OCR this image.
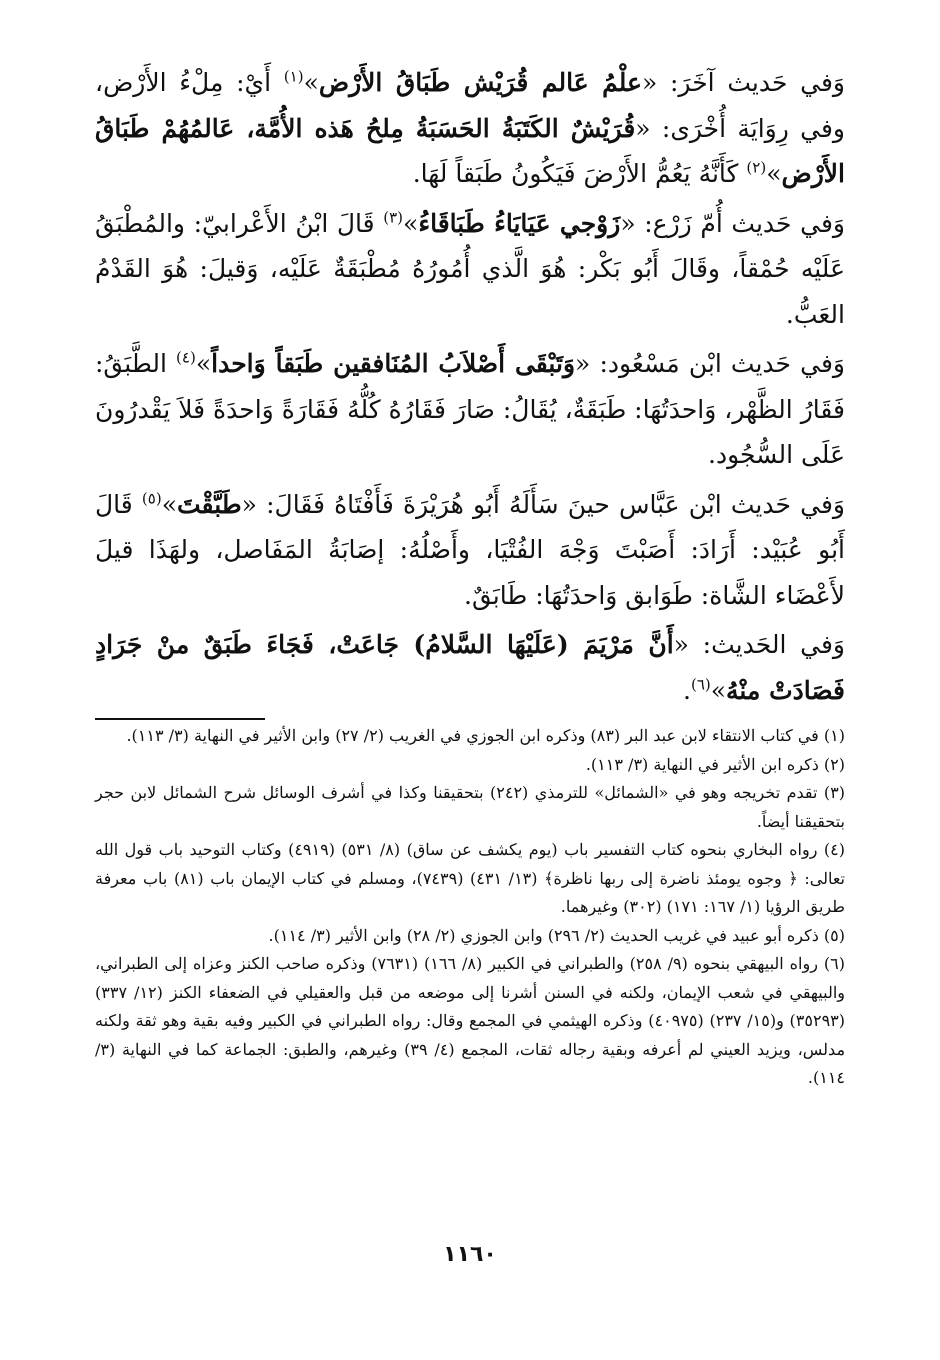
وَفي حَديث آخَرَ: «علْمُ عَالم قُرَيْش طَبَاقُ الأَرْض»$^{(١)}$ أَيْ: مِلْءُ الأَرْض، وفي رِوَايَة أُخْرَى: «قُرَيْشٌ الكَتَبَةُ الحَسَبَةُ مِلحُ هَذه الأُمَّة، عَالمُهُمْ طَبَاقُ الأَرْض»$^{(٢)}$ كَأَنَّهُ يَعُمُّ الأَرْضَ فَيَكُونُ طَبَقاً لَهَا.

وَفي حَديث أُمّ زَرْع: «زَوْجي عَيَايَاءُ طَبَاقَاءُ»$^{(٣)}$ قَالَ ابْنُ الأَعْرابيّ: والمُطْبَقُ عَلَيْه حُمْقاً، وقَالَ أَبُو بَكْر: هُوَ الَّذي أُمُورُهُ مُطْبَقَةٌ عَلَيْه، وَقيلَ: هُوَ القَدْمُ العَبُّ.

وَفي حَديث ابْن مَسْعُود: «وَتَبْقَى أَصْلاَبُ المُنَافقين طَبَقاً وَاحداً»$^{(٤)}$ الطَّبَقُ: فَقَارُ الظَّهْر، وَاحدَتُهَا: طَبَقَةٌ، يُقَالُ: صَارَ فَقَارُهُ كُلُّهُ فَقَارَةً وَاحدَةً فَلاَ يَقْدرُونَ عَلَى السُّجُود.

وَفي حَديث ابْن عَبَّاس حينَ سَأَلَهُ أَبُو هُرَيْرَةَ فَأَفْتَاهُ فَقَالَ: «طَبَّقْتَ»$^{(٥)}$ قَالَ أَبُو عُبَيْد: أَرَادَ: أَصَبْتَ وَجْهَ الفُتْيَا، وأَصْلُهُ: إصَابَةُ المَفَاصل، ولهَذَا قيلَ لأَعْضَاء الشَّاة: طَوَابق وَاحدَتُهَا: طَابَقٌ.

وَفي الحَديث: «أَنَّ مَرْيَمَ (عَلَيْهَا السَّلامُ) جَاعَتْ، فَجَاءَ طَبَقٌ منْ جَرَادٍ فَصَادَتْ منْهُ»$^{(٦)}$.

(١) في كتاب الانتقاء لابن عبد البر (٨٣) وذكره ابن الجوزي في الغريب (٢/ ٢٧) وابن الأثير في النهاية (٣/ ١١٣).

(٢) ذكره ابن الأثير في النهاية (٣/ ١١٣).

(٣) تقدم تخريجه وهو في «الشمائل» للترمذي (٢٤٢) بتحقيقنا وكذا في أشرف الوسائل شرح الشمائل لابن حجر بتحقيقنا أيضاً.

(٤) رواه البخاري بنحوه كتاب التفسير باب (يوم يكشف عن ساق) (٨/ ٥٣١) (٤٩١٩) وكتاب التوحيد باب قول الله تعالى: ﴿ وجوه يومئذ ناضرة إلى ربها ناظرة﴾ (١٣/ ٤٣١) (٧٤٣٩)، ومسلم في كتاب الإيمان باب (٨١) باب معرفة طريق الرؤيا (١/ ١٦٧: ١٧١) (٣٠٢) وغيرهما.

(٥) ذكره أبو عبيد في غريب الحديث (٢/ ٢٩٦) وابن الجوزي (٢/ ٢٨) وابن الأثير (٣/ ١١٤).

(٦) رواه البيهقي بنحوه (٩/ ٢٥٨) والطبراني في الكبير (٨/ ١٦٦) (٧٦٣١) وذكره صاحب الكنز وعزاه إلى الطبراني، والبيهقي في شعب الإيمان، ولكنه في السنن أشرنا إلى موضعه من قبل والعقيلي في الضعفاء الكنز (١٢/ ٣٣٧) (٣٥٢٩٣) و(١٥/ ٢٣٧) (٤٠٩٧٥) وذكره الهيثمي في المجمع وقال: رواه الطبراني في الكبير وفيه بقية وهو ثقة ولكنه مدلس، ويزيد العيني لم أعرفه وبقية رجاله ثقات، المجمع (٤/ ٣٩) وغيرهم، والطبق: الجماعة كما في النهاية (٣/ ١١٤).

١١٦٠
